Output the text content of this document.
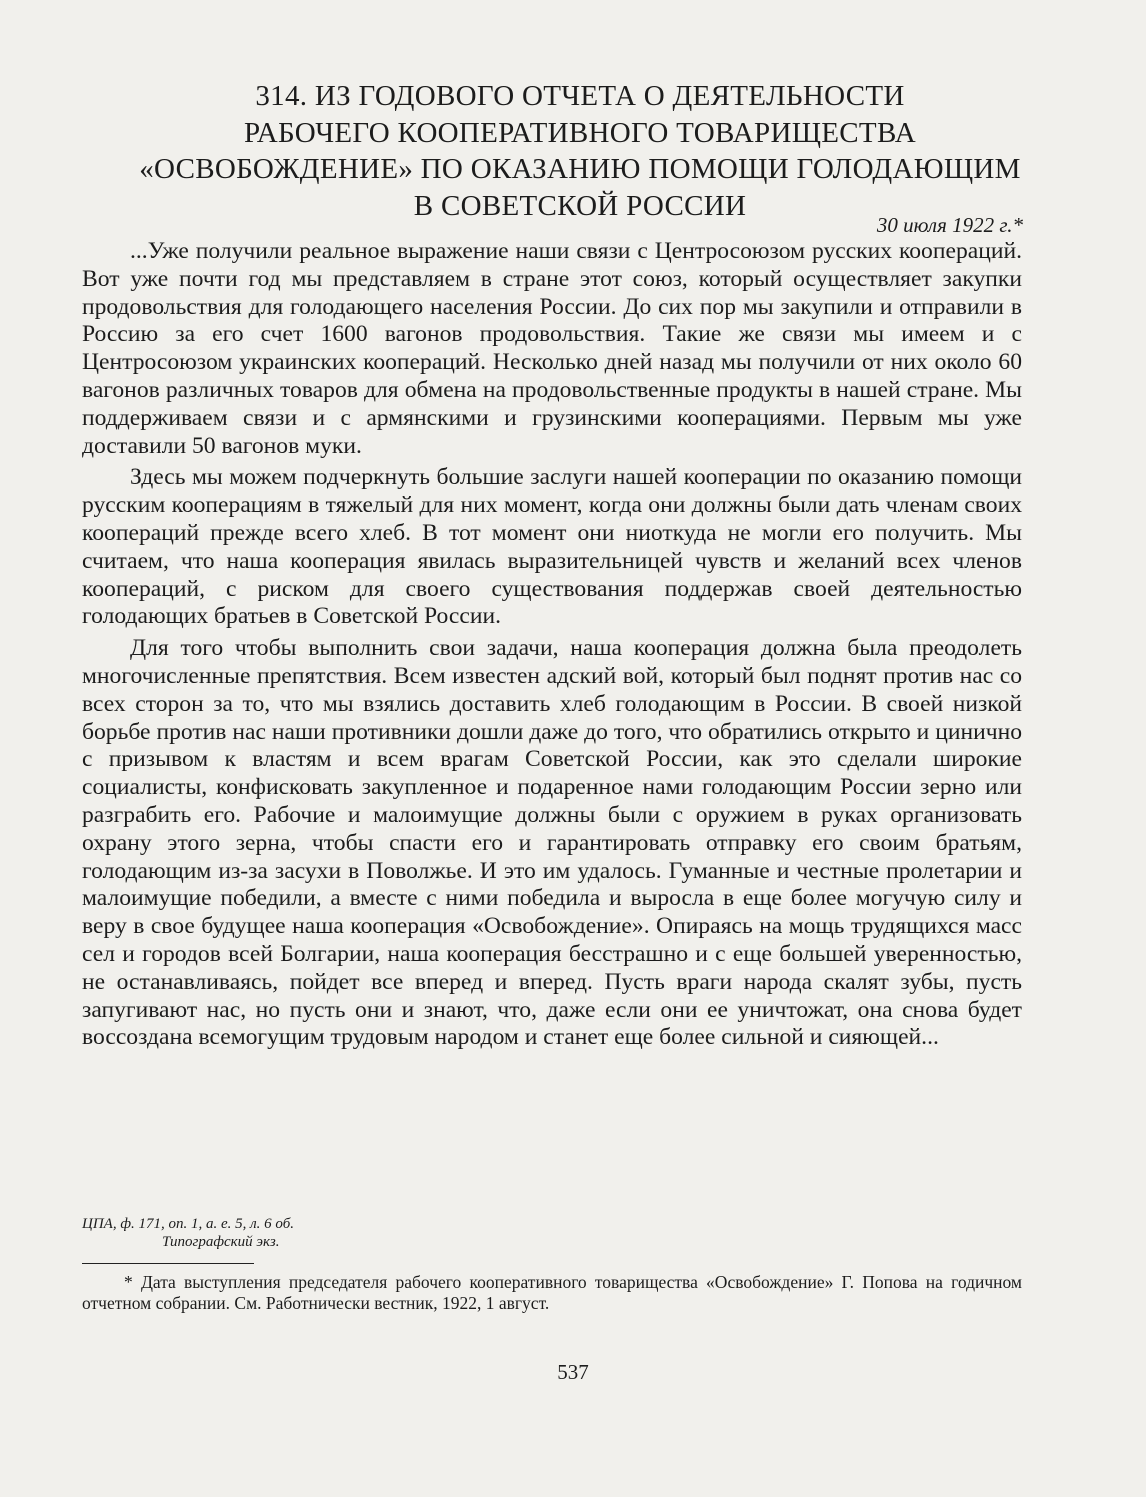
314. ИЗ ГОДОВОГО ОТЧЕТА О ДЕЯТЕЛЬНОСТИ
РАБОЧЕГО КООПЕРАТИВНОГО ТОВАРИЩЕСТВА
«ОСВОБОЖДЕНИЕ» ПО ОКАЗАНИЮ ПОМОЩИ ГОЛОДАЮЩИМ
В СОВЕТСКОЙ РОССИИ
30 июля 1922 г.*

...Уже получили реальное выражение наши связи с Центросоюзом русских коопераций. Вот уже почти год мы представляем в стране этот союз, который осуществляет закупки продовольствия для голодающего населения России. До сих пор мы закупили и отправили в Россию за его счет 1600 вагонов продовольствия. Такие же связи мы имеем и с Центросоюзом украинских коопераций. Несколько дней назад мы получили от них около 60 вагонов различных товаров для обмена на продовольственные продукты в нашей стране. Мы поддерживаем связи и с армянскими и грузинскими кооперациями. Первым мы уже доставили 50 вагонов муки.

Здесь мы можем подчеркнуть большие заслуги нашей кооперации по оказанию помощи русским кооперациям в тяжелый для них момент, когда они должны были дать членам своих коопераций прежде всего хлеб. В тот момент они ниоткуда не могли его получить. Мы считаем, что наша кооперация явилась выразительницей чувств и желаний всех членов коопераций, с риском для своего существования поддержав своей деятельностью голодающих братьев в Советской России.

Для того чтобы выполнить свои задачи, наша кооперация должна была преодолеть многочисленные препятствия. Всем известен адский вой, который был поднят против нас со всех сторон за то, что мы взялись доставить хлеб голодающим в России. В своей низкой борьбе против нас наши противники дошли даже до того, что обратились открыто и цинично с призывом к властям и всем врагам Советской России, как это сделали широкие социалисты, конфисковать закупленное и подаренное нами голодающим России зерно или разграбить его. Рабочие и малоимущие должны были с оружием в руках организовать охрану этого зерна, чтобы спасти его и гарантировать отправку его своим братьям, голодающим из-за засухи в Поволжье. И это им удалось. Гуманные и честные пролетарии и малоимущие победили, а вместе с ними победила и выросла в еще более могучую силу и веру в свое будущее наша кооперация «Освобождение». Опираясь на мощь трудящихся масс сел и городов всей Болгарии, наша кооперация бесстрашно и с еще большей уверенностью, не останавливаясь, пойдет все вперед и вперед. Пусть враги народа скалят зубы, пусть запугивают нас, но пусть они и знают, что, даже если они ее уничтожат, она снова будет воссоздана всемогущим трудовым народом и станет еще более сильной и сияющей...

ЦПА, ф. 171, оп. 1, а. е. 5, л. 6 об.
Типографский экз.

* Дата выступления председателя рабочего кооперативного товарищества «Освобождение» Г. Попова на годичном отчетном собрании. См. Работнически вестник, 1922, 1 август.

537
